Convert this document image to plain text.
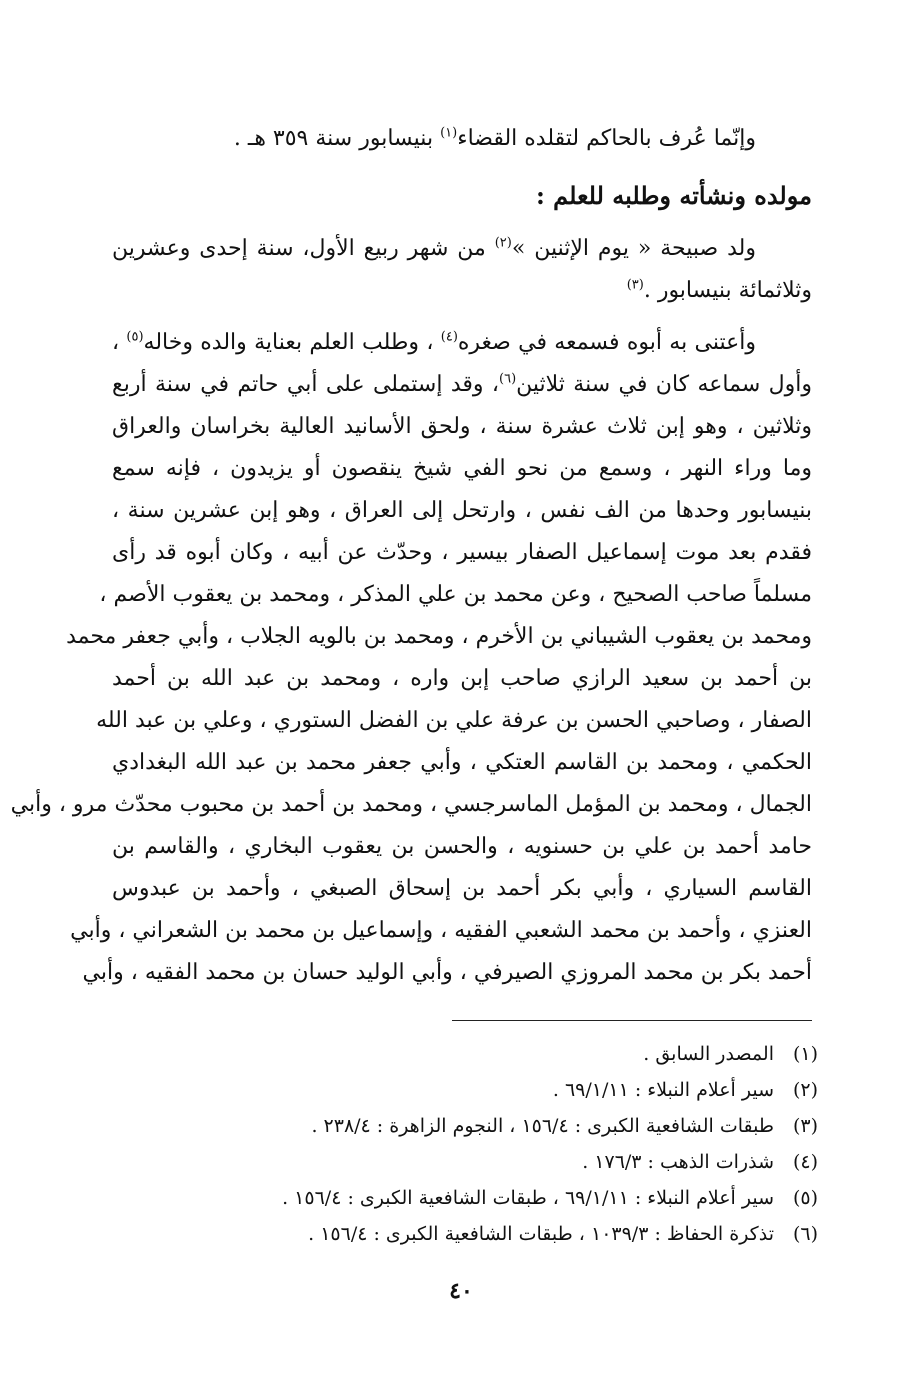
وإنّما عُرف بالحاكم لتقلده القضاء$^{(١)}$ بنيسابور سنة ٣٥٩ هـ .
مولده ونشأته وطلبه للعلم :
ولد صبيحة « يوم الإثنين »$^{(٢)}$ من شهر ربيع الأول، سنة إحدى وعشرين
وثلاثمائة بنيسابور .$^{(٣)}$
وأعتنى به أبوه فسمعه في صغره$^{(٤)}$ ، وطلب العلم بعناية والده وخاله$^{(٥)}$ ،
وأول سماعه كان في سنة ثلاثين$^{(٦)}$، وقد إستملى على أبي حاتم في سنة أربع
وثلاثين ، وهو إبن ثلاث عشرة سنة ، ولحق الأسانيد العالية بخراسان والعراق
وما وراء النهر ، وسمع من نحو الفي شيخ ينقصون أو يزيدون ، فإنه سمع
بنيسابور وحدها من الف نفس ، وارتحل إلى العراق ، وهو إبن عشرين سنة ،
فقدم بعد موت إسماعيل الصفار بيسير ، وحدّث عن أبيه ، وكان أبوه قد رأى
مسلماً صاحب الصحيح ، وعن محمد بن علي المذكر ، ومحمد بن يعقوب الأصم ،
ومحمد بن يعقوب الشيباني بن الأخرم ، ومحمد بن بالويه الجلاب ، وأبي جعفر محمد
بن أحمد بن سعيد الرازي صاحب إبن واره ، ومحمد بن عبد الله بن أحمد
الصفار ، وصاحبي الحسن بن عرفة علي بن الفضل الستوري ، وعلي بن عبد الله
الحكمي ، ومحمد بن القاسم العتكي ، وأبي جعفر محمد بن عبد الله البغدادي
الجمال ، ومحمد بن المؤمل الماسرجسي ، ومحمد بن أحمد بن محبوب محدّث مرو ، وأبي
حامد أحمد بن علي بن حسنويه ، والحسن بن يعقوب البخاري ، والقاسم بن
القاسم السياري ، وأبي بكر أحمد بن إسحاق الصبغي ، وأحمد بن عبدوس
العنزي ، وأحمد بن محمد الشعبي الفقيه ، وإسماعيل بن محمد بن الشعراني ، وأبي
أحمد بكر بن محمد المروزي الصيرفي ، وأبي الوليد حسان بن محمد الفقيه ، وأبي
(١)
المصدر السابق .
(٢)
سير أعلام النبلاء : ٦٩/١/١١ .
(٣)
طبقات الشافعية الكبرى : ١٥٦/٤ ، النجوم الزاهرة : ٢٣٨/٤ .
(٤)
شذرات الذهب : ١٧٦/٣ .
(٥)
سير أعلام النبلاء : ٦٩/١/١١ ، طبقات الشافعية الكبرى : ١٥٦/٤ .
(٦)
تذكرة الحفاظ : ١٠٣٩/٣ ، طبقات الشافعية الكبرى : ١٥٦/٤ .
٤٠
